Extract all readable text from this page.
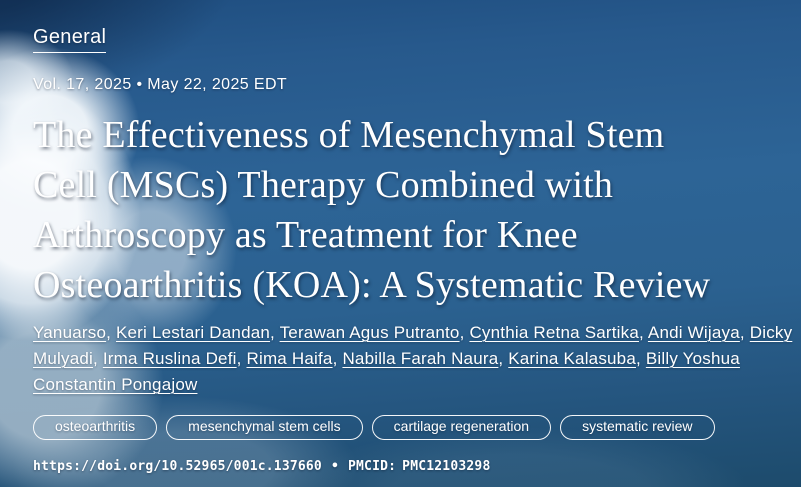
General
Vol. 17, 2025 • May 22, 2025 EDT
The Effectiveness of Mesenchymal Stem
Cell (MSCs) Therapy Combined with
Arthroscopy as Treatment for Knee
Osteoarthritis (KOA): A Systematic Review
Yanuarso, Keri Lestari Dandan, Terawan Agus Putranto, Cynthia Retna Sartika, Andi Wijaya, Dicky Mulyadi, Irma Ruslina Defi, Rima Haifa, Nabilla Farah Naura, Karina Kalasuba, Billy Yoshua Constantin Pongajow
osteoarthritis	mesenchymal stem cells	cartilage regeneration	systematic review
https://doi.org/10.52965/001c.137660 • PMCID: PMC12103298
